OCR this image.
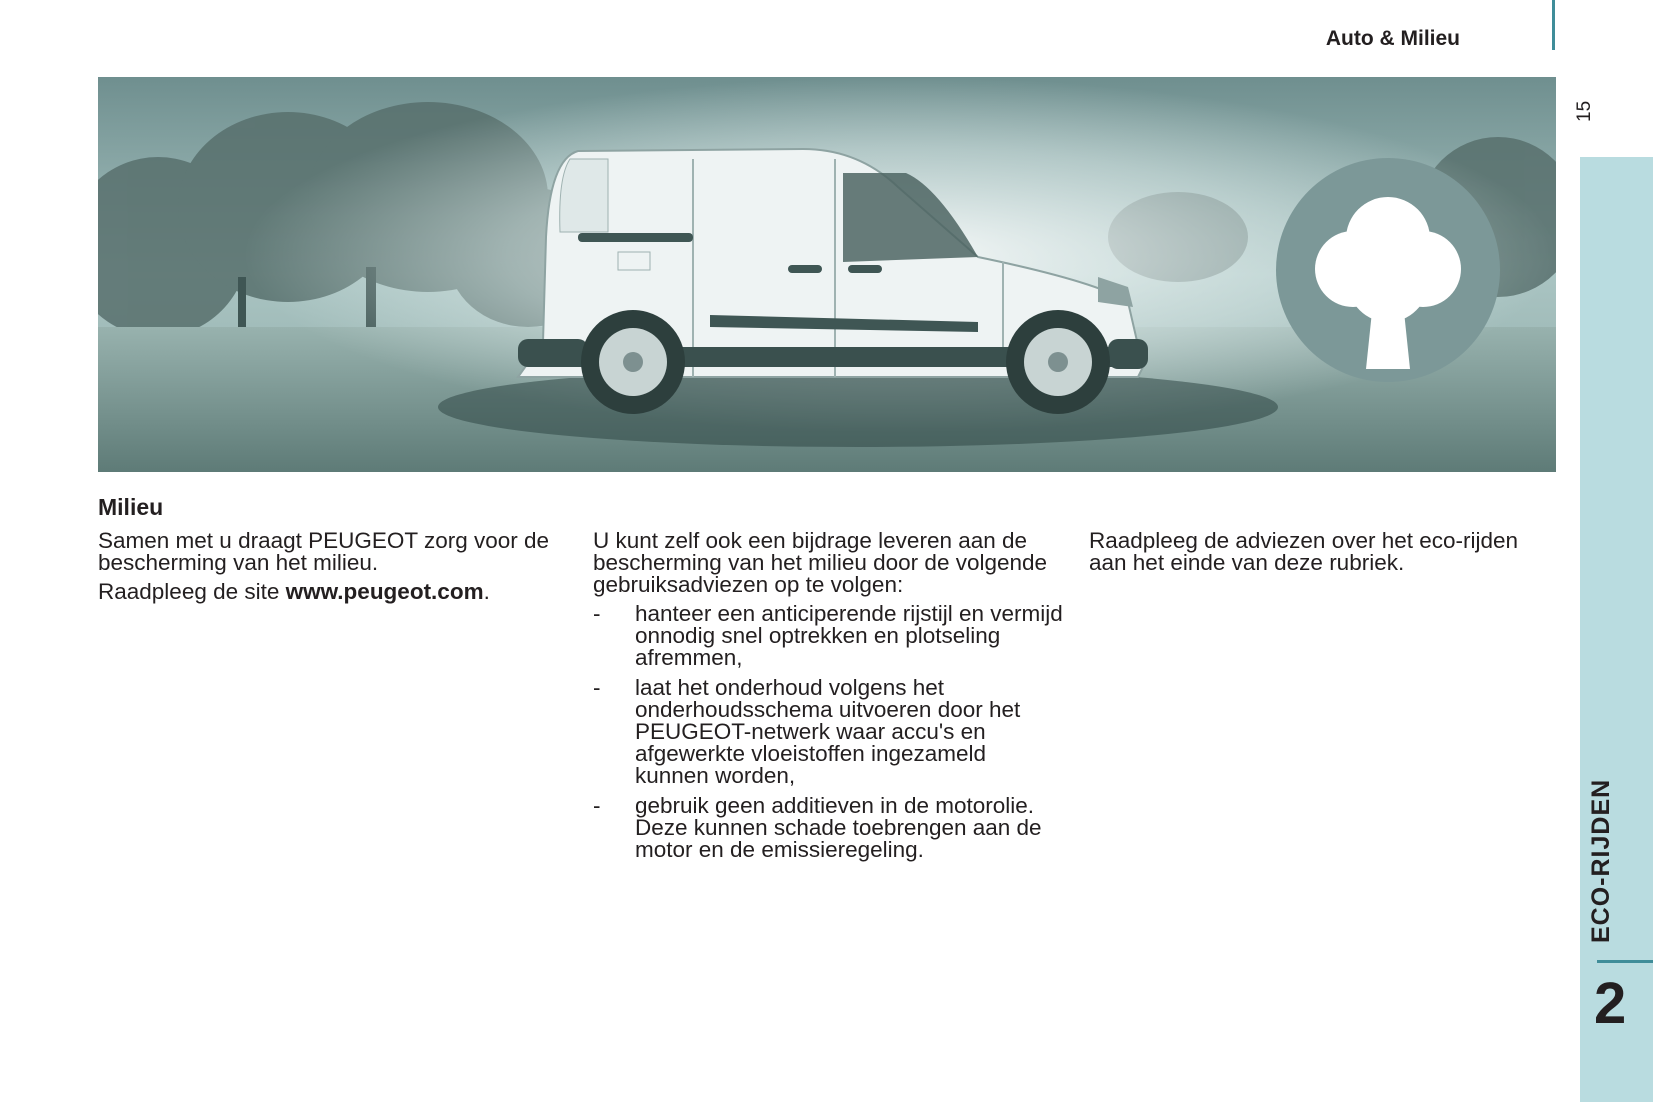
Auto & Milieu
15
ECO-RIJDEN
2
Milieu

Samen met u draagt PEUGEOT zorg voor de bescherming van het milieu.

Raadpleeg de site www.peugeot.com.

U kunt zelf ook een bijdrage leveren aan de bescherming van het milieu door de volgende gebruiksadviezen op te volgen:

- hanteer een anticiperende rijstijl en vermijd onnodig snel optrekken en plotseling afremmen,
- laat het onderhoud volgens het onderhoudsschema uitvoeren door het PEUGEOT-netwerk waar accu's en afgewerkte vloeistoffen ingezameld kunnen worden,
- gebruik geen additieven in de motorolie. Deze kunnen schade toebrengen aan de motor en de emissieregeling.

Raadpleeg de adviezen over het eco-rijden aan het einde van deze rubriek.
